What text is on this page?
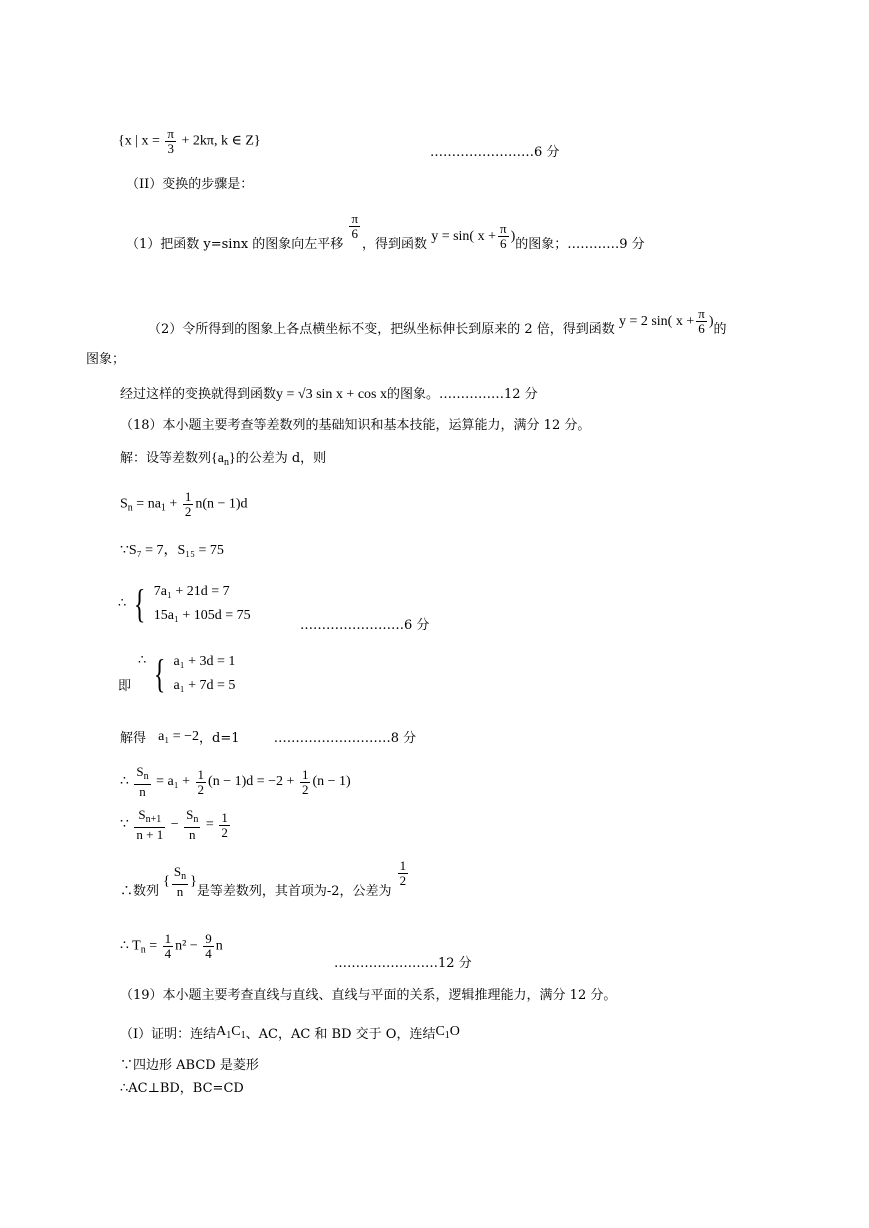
{x | $x = \frac{\pi}{3} + 2k\pi$, k ∈ Z}
……………………6 分
（II）变换的步骤是：
（1）把函数 y=sinx 的图象向左平移
$\frac{\pi}{6}$
，得到函数 y = sin( $x + \frac{\pi}{6}$ )的图象；…………9 分
（2）令所得到的图象上各点横坐标不变，把纵坐标伸长到原来的 2 倍，得到函数 y = 2 sin( $x + \frac{\pi}{6}$ )的
图象；
经过这样的变换就得到函数y = √3 sin x + cos x的图象。……………12 分
（18）本小题主要考查等差数列的基础知识和基本技能，运算能力，满分 12 分。
解：设等差数列$\{a_n\}$的公差为 d，则
$S_n = na_1 + \frac{1}{2} n(n - 1)d$
∵S₇ = 7，S₁₅ = 75
∴ { 7a₁ + 21d = 7
15a₁ + 105d = 75
……………………6 分
∴
即 { a₁ + 3d = 1
a₁ + 7d = 5
解得 a₁ = −2，d=1	………………………8 分
∴ $\frac{S_n}{n} = a_1 + \frac{1}{2} (n - 1)d = -2 + \frac{1}{2} (n - 1)$
∵ $\frac{S_{n+1}}{n + 1} - \frac{S_n}{n} = \frac{1}{2}$
∴数列 { $\frac{S_n}{n}$ }是等差数列，其首项为-2，公差为
$\frac{1}{2}$
∴ $T_n = \frac{1}{4} n^2 - \frac{9}{4}$ n
……………………12 分
（19）本小题主要考查直线与直线、直线与平面的关系，逻辑推理能力，满分 12 分。
（I）证明：连结$A_1C_1$、AC，AC 和 BD 交于 O，连结$C_1O$
∵四边形 ABCD 是菱形
∴AC⊥BD，BC=CD
